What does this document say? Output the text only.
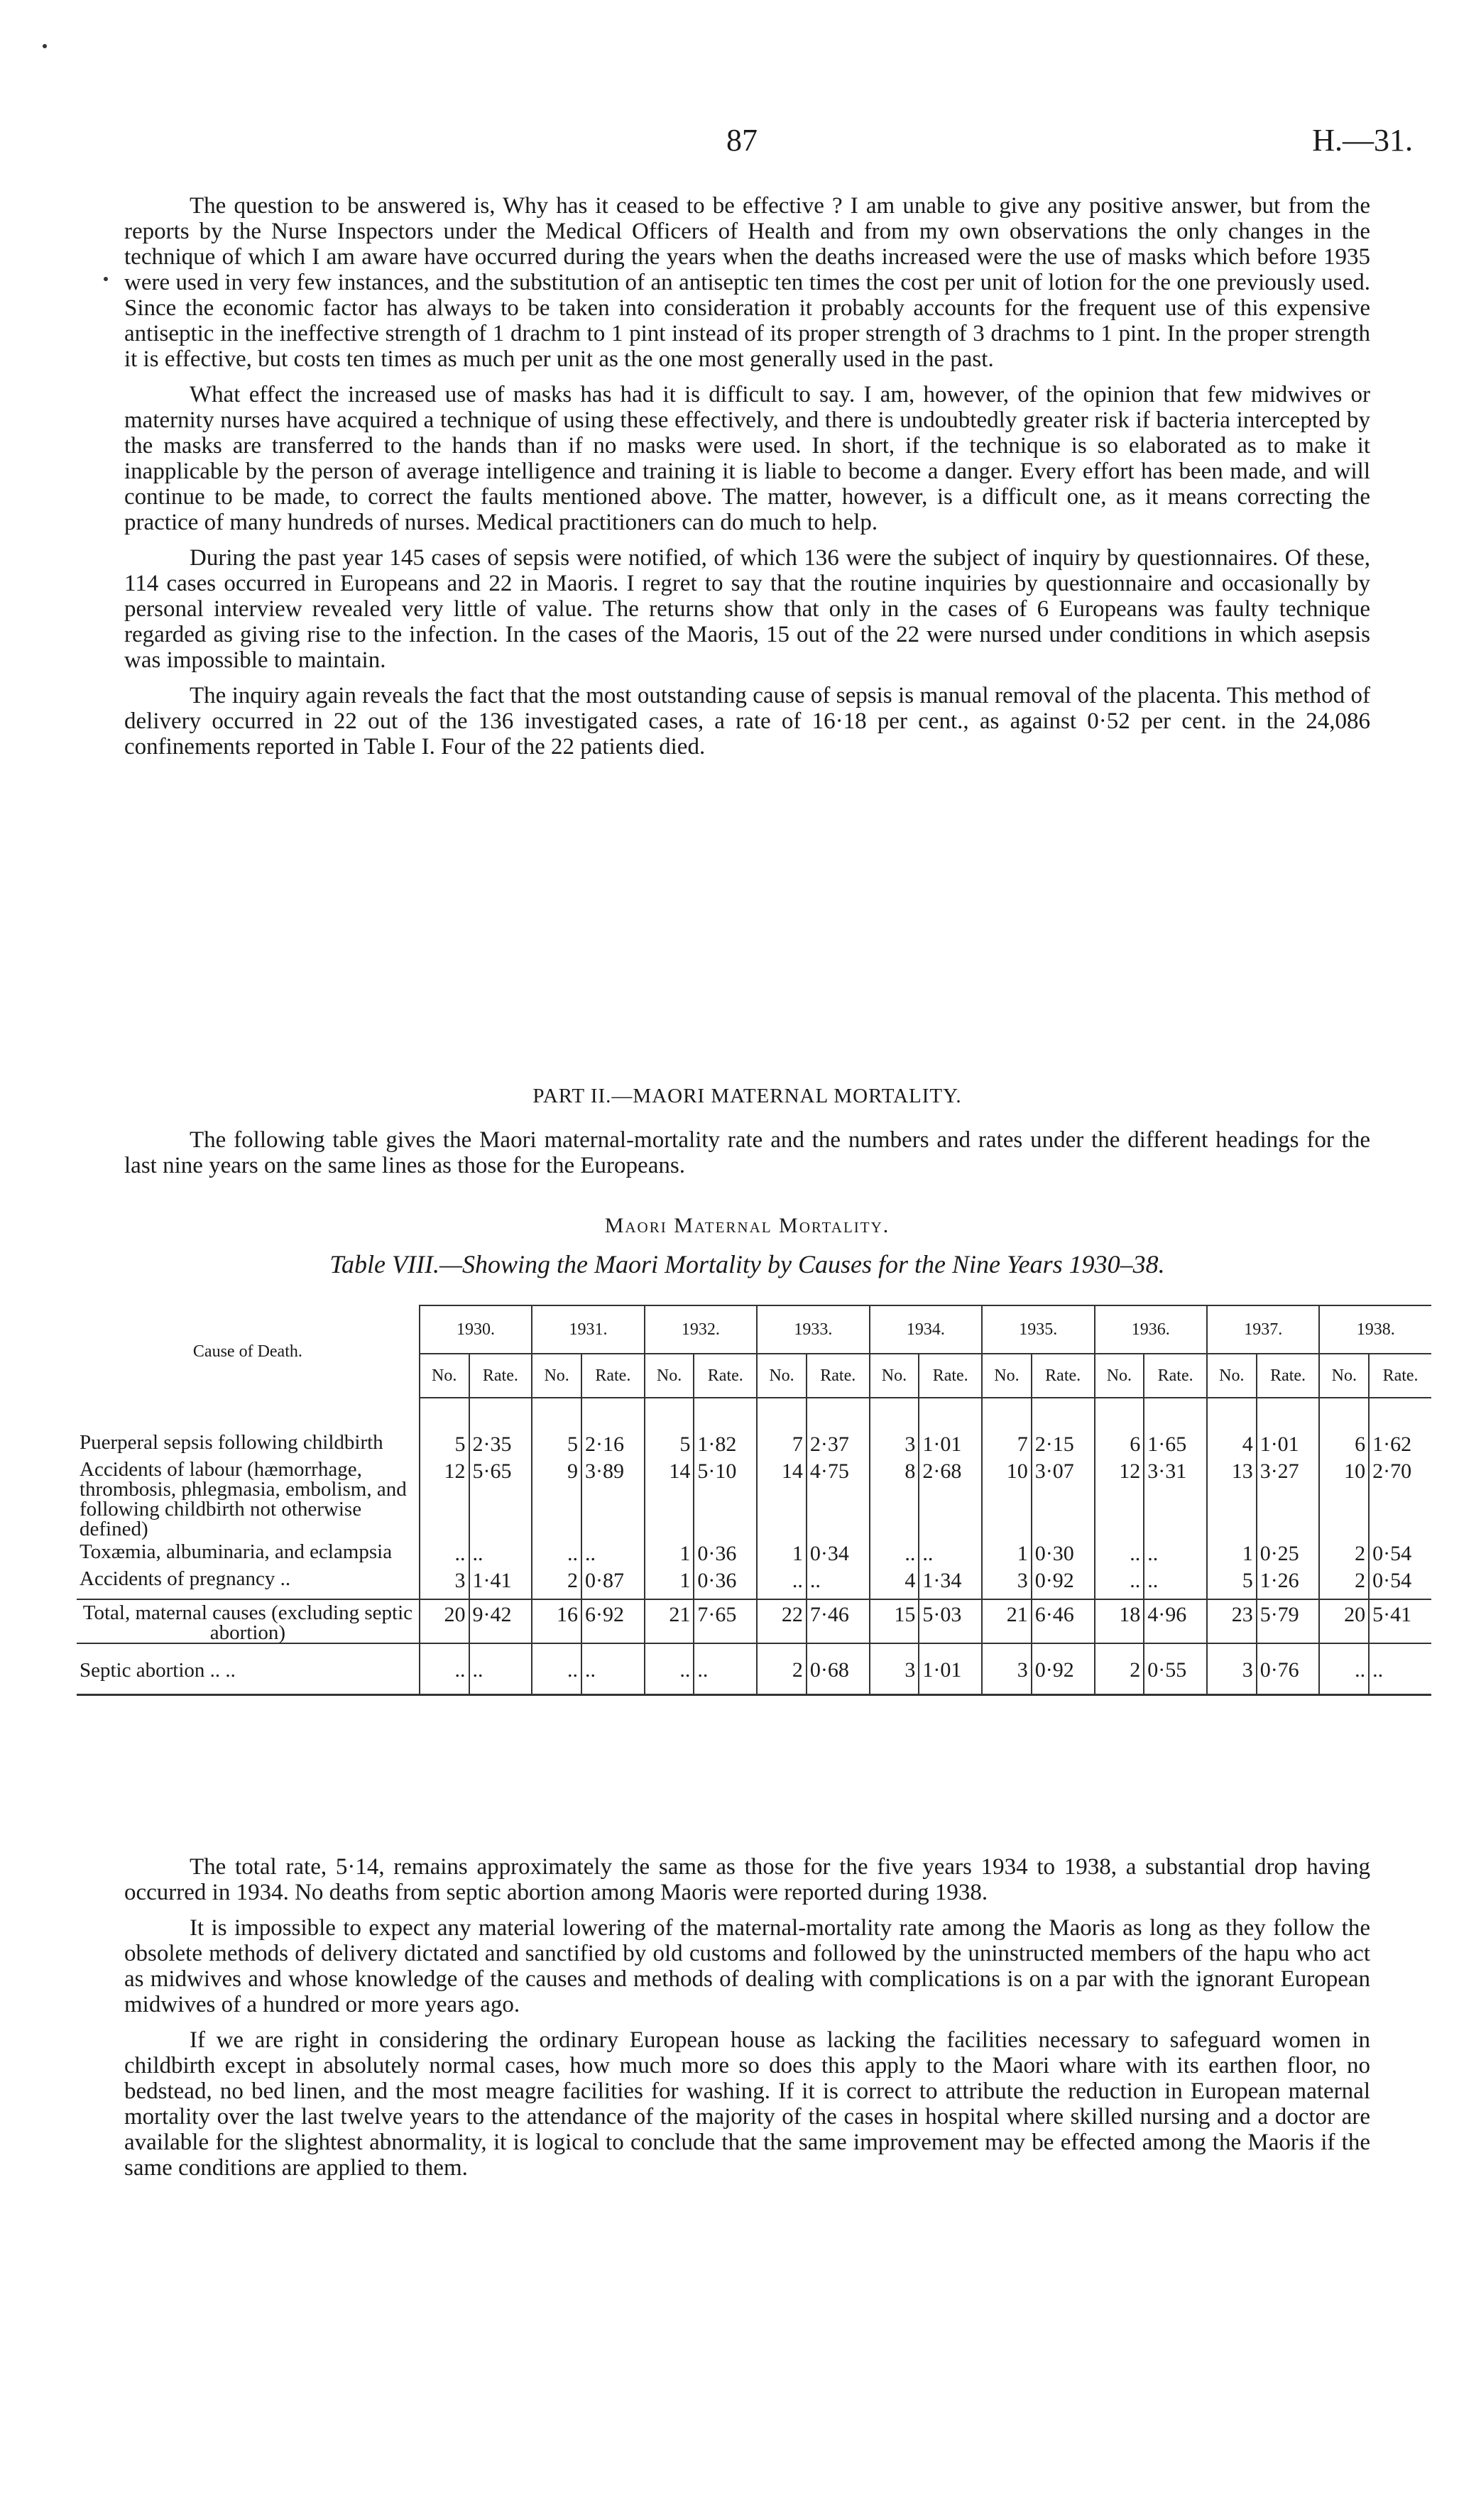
87	H.—31.

The question to be answered is, Why has it ceased to be effective ? I am unable to give any positive answer, but from the reports by the Nurse Inspectors under the Medical Officers of Health and from my own observations the only changes in the technique of which I am aware have occurred during the years when the deaths increased were the use of masks which before 1935 were used in very few instances, and the substitution of an antiseptic ten times the cost per unit of lotion for the one previously used. Since the economic factor has always to be taken into consideration it probably accounts for the frequent use of this expensive antiseptic in the ineffective strength of 1 drachm to 1 pint instead of its proper strength of 3 drachms to 1 pint. In the proper strength it is effective, but costs ten times as much per unit as the one most generally used in the past.

What effect the increased use of masks has had it is difficult to say. I am, however, of the opinion that few midwives or maternity nurses have acquired a technique of using these effectively, and there is undoubtedly greater risk if bacteria intercepted by the masks are transferred to the hands than if no masks were used. In short, if the technique is so elaborated as to make it inapplicable by the person of average intelligence and training it is liable to become a danger. Every effort has been made, and will continue to be made, to correct the faults mentioned above. The matter, however, is a difficult one, as it means correcting the practice of many hundreds of nurses. Medical practitioners can do much to help.

During the past year 145 cases of sepsis were notified, of which 136 were the subject of inquiry by questionnaires. Of these, 114 cases occurred in Europeans and 22 in Maoris. I regret to say that the routine inquiries by questionnaire and occasionally by personal interview revealed very little of value. The returns show that only in the cases of 6 Europeans was faulty technique regarded as giving rise to the infection. In the cases of the Maoris, 15 out of the 22 were nursed under conditions in which asepsis was impossible to maintain.

The inquiry again reveals the fact that the most outstanding cause of sepsis is manual removal of the placenta. This method of delivery occurred in 22 out of the 136 investigated cases, a rate of 16·18 per cent., as against 0·52 per cent. in the 24,086 confinements reported in Table I. Four of the 22 patients died.

PART II.—MAORI MATERNAL MORTALITY.

The following table gives the Maori maternal-mortality rate and the numbers and rates under the different headings for the last nine years on the same lines as those for the Europeans.

Maori Maternal Mortality.
Table VIII.—Showing the Maori Mortality by Causes for the Nine Years 1930–38.
Cause of Death.	1930.		1931.		1932.		1933.		1934.		1935.		1936.		1937.		1938.	
	No.	Rate.	No.	Rate.	No.	Rate.	No.	Rate.	No.	Rate.	No.	Rate.	No.	Rate.	No.	Rate.	No.	Rate.

Puerperal sepsis following childbirth	5	2·35	5	2·16	5	1·82	7	2·37	3	1·01	7	2·15	6	1·65	4	1·01	6	1·62
Accidents of labour (hæmorrhage, thrombosis, phlegmasia, embolism, and following childbirth not otherwise defined)	12	5·65	9	3·89	14	5·10	14	4·75	8	2·68	10	3·07	12	3·31	13	3·27	10	2·70
Toxæmia, albuminaria, and eclampsia	..	..	..	..	1	0·36	1	0·34	..	..	1	0·30	..	..	1	0·25	2	0·54
Accidents of pregnancy ..	3	1·41	2	0·87	1	0·36	..	..	4	1·34	3	0·92	..	..	5	1·26	2	0·54
Total, maternal causes (excluding septic abortion)	20	9·42	16	6·92	21	7·65	22	7·46	15	5·03	21	6·46	18	4·96	23	5·79	20	5·41
Septic abortion .. ..	..	..	..	..	..	..	2	0·68	3	1·01	3	0·92	2	0·55	3	0·76	..	..

The total rate, 5·14, remains approximately the same as those for the five years 1934 to 1938, a substantial drop having occurred in 1934. No deaths from septic abortion among Maoris were reported during 1938.

It is impossible to expect any material lowering of the maternal-mortality rate among the Maoris as long as they follow the obsolete methods of delivery dictated and sanctified by old customs and followed by the uninstructed members of the hapu who act as midwives and whose knowledge of the causes and methods of dealing with complications is on a par with the ignorant European midwives of a hundred or more years ago.

If we are right in considering the ordinary European house as lacking the facilities necessary to safeguard women in childbirth except in absolutely normal cases, how much more so does this apply to the Maori whare with its earthen floor, no bedstead, no bed linen, and the most meagre facilities for washing. If it is correct to attribute the reduction in European maternal mortality over the last twelve years to the attendance of the majority of the cases in hospital where skilled nursing and a doctor are available for the slightest abnormality, it is logical to conclude that the same improvement may be effected among the Maoris if the same conditions are applied to them.
